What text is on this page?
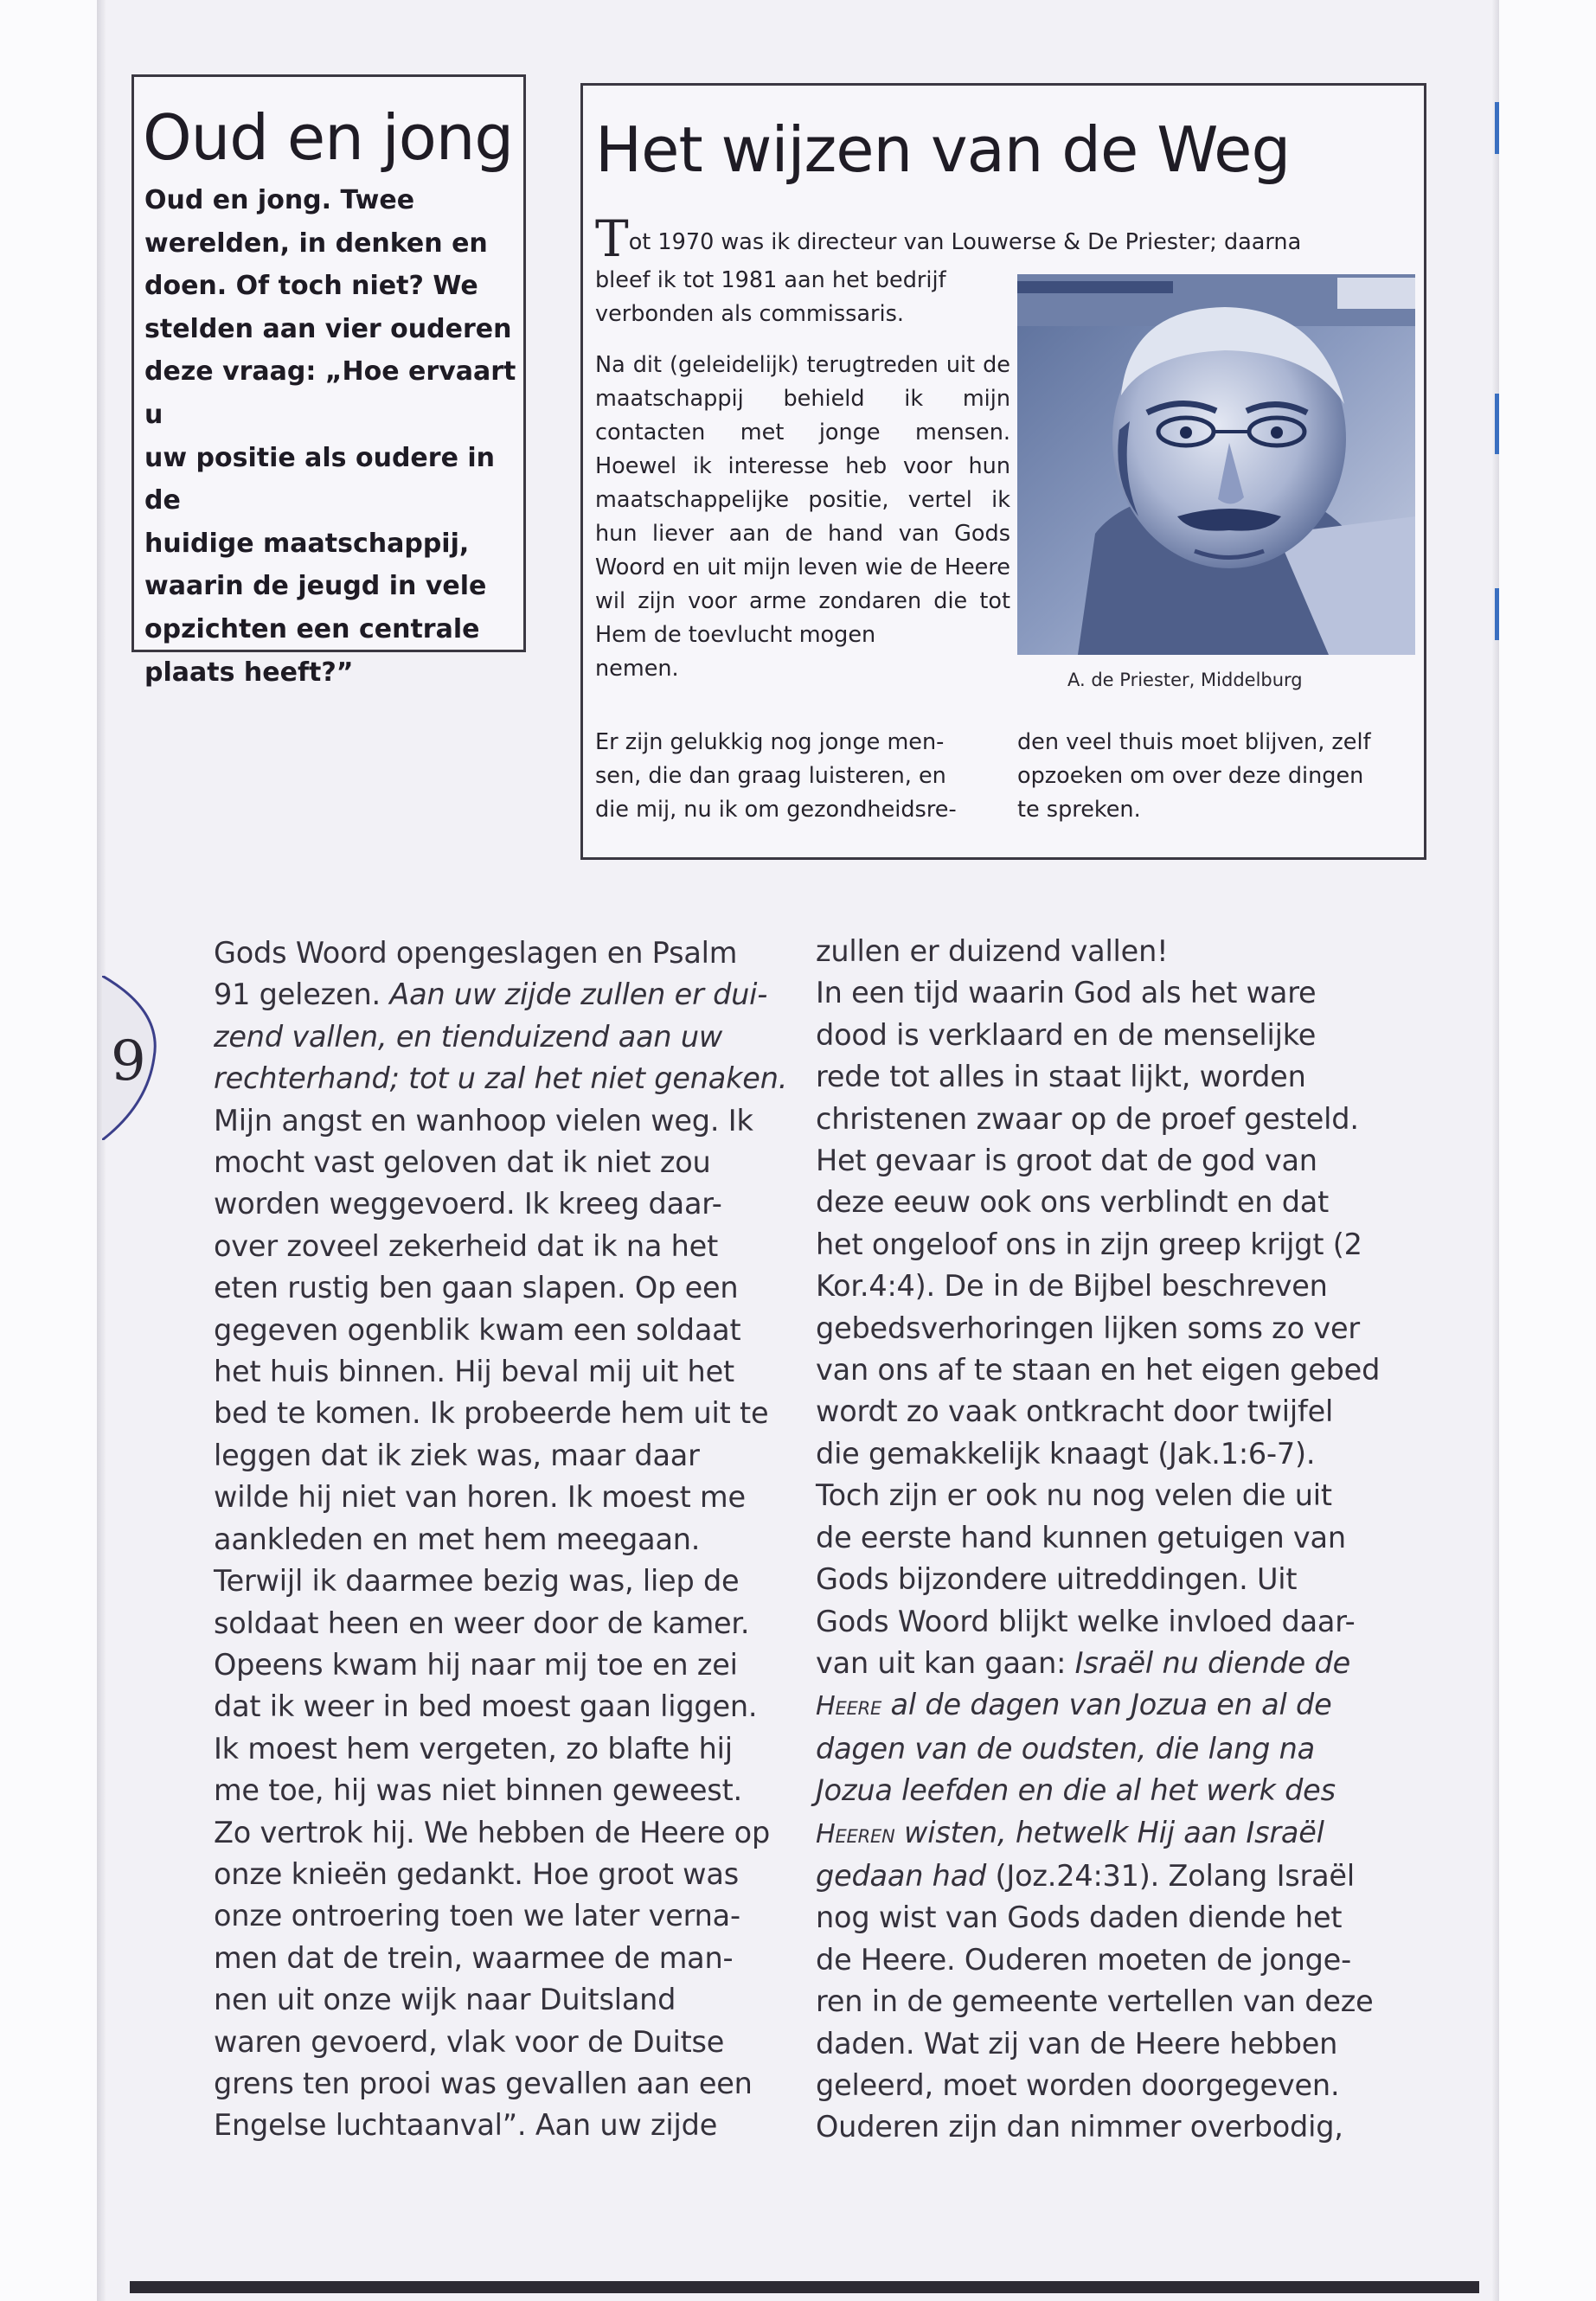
Oud en jong
Oud en jong. Twee
werelden, in denken en
doen. Of toch niet? We
stelden aan vier ouderen
deze vraag: „Hoe ervaart u
uw positie als oudere in de
huidige maatschappij,
waarin de jeugd in vele
opzichten een centrale
plaats heeft?”
Het wijzen van de Weg
Tot 1970 was ik directeur van Louwerse & De Priester; daarna
bleef ik tot 1981 aan het bedrijf
verbonden als commissaris.
Na dit (geleidelijk) terugtreden uit de maatschappij behield ik mijn contacten met jonge mensen. Hoewel ik interesse heb voor hun maatschappelijke positie, vertel ik hun liever aan de hand van Gods Woord en uit mijn leven wie de Heere wil zijn voor arme zondaren die tot Hem de toevlucht mogen
nemen.
Er zijn gelukkig nog jonge men-
sen, die dan graag luisteren, en
die mij, nu ik om gezondheidsre-
den veel thuis moet blijven, zelf
opzoeken om over deze dingen
te spreken.
A. de Priester, Middelburg
9
Gods Woord opengeslagen en Psalm
91 gelezen. Aan uw zijde zullen er dui-
zend vallen, en tienduizend aan uw
rechterhand; tot u zal het niet genaken.
Mijn angst en wanhoop vielen weg. Ik
mocht vast geloven dat ik niet zou
worden weggevoerd. Ik kreeg daar-
over zoveel zekerheid dat ik na het
eten rustig ben gaan slapen. Op een
gegeven ogenblik kwam een soldaat
het huis binnen. Hij beval mij uit het
bed te komen. Ik probeerde hem uit te
leggen dat ik ziek was, maar daar
wilde hij niet van horen. Ik moest me
aankleden en met hem meegaan.
Terwijl ik daarmee bezig was, liep de
soldaat heen en weer door de kamer.
Opeens kwam hij naar mij toe en zei
dat ik weer in bed moest gaan liggen.
Ik moest hem vergeten, zo blafte hij
me toe, hij was niet binnen geweest.
Zo vertrok hij. We hebben de Heere op
onze knieën gedankt. Hoe groot was
onze ontroering toen we later verna-
men dat de trein, waarmee de man-
nen uit onze wijk naar Duitsland
waren gevoerd, vlak voor de Duitse
grens ten prooi was gevallen aan een
Engelse luchtaanval”. Aan uw zijde
zullen er duizend vallen!
In een tijd waarin God als het ware
dood is verklaard en de menselijke
rede tot alles in staat lijkt, worden
christenen zwaar op de proef gesteld.
Het gevaar is groot dat de god van
deze eeuw ook ons verblindt en dat
het ongeloof ons in zijn greep krijgt (2
Kor.4:4). De in de Bijbel beschreven
gebedsverhoringen lijken soms zo ver
van ons af te staan en het eigen gebed
wordt zo vaak ontkracht door twijfel
die gemakkelijk knaagt (Jak.1:6-7).
Toch zijn er ook nu nog velen die uit
de eerste hand kunnen getuigen van
Gods bijzondere uitreddingen. Uit
Gods Woord blijkt welke invloed daar-
van uit kan gaan: Israël nu diende de
Heere al de dagen van Jozua en al de
dagen van de oudsten, die lang na
Jozua leefden en die al het werk des
Heeren wisten, hetwelk Hij aan Israël
gedaan had (Joz.24:31). Zolang Israël
nog wist van Gods daden diende het
de Heere. Ouderen moeten de jonge-
ren in de gemeente vertellen van deze
daden. Wat zij van de Heere hebben
geleerd, moet worden doorgegeven.
Ouderen zijn dan nimmer overbodig,
